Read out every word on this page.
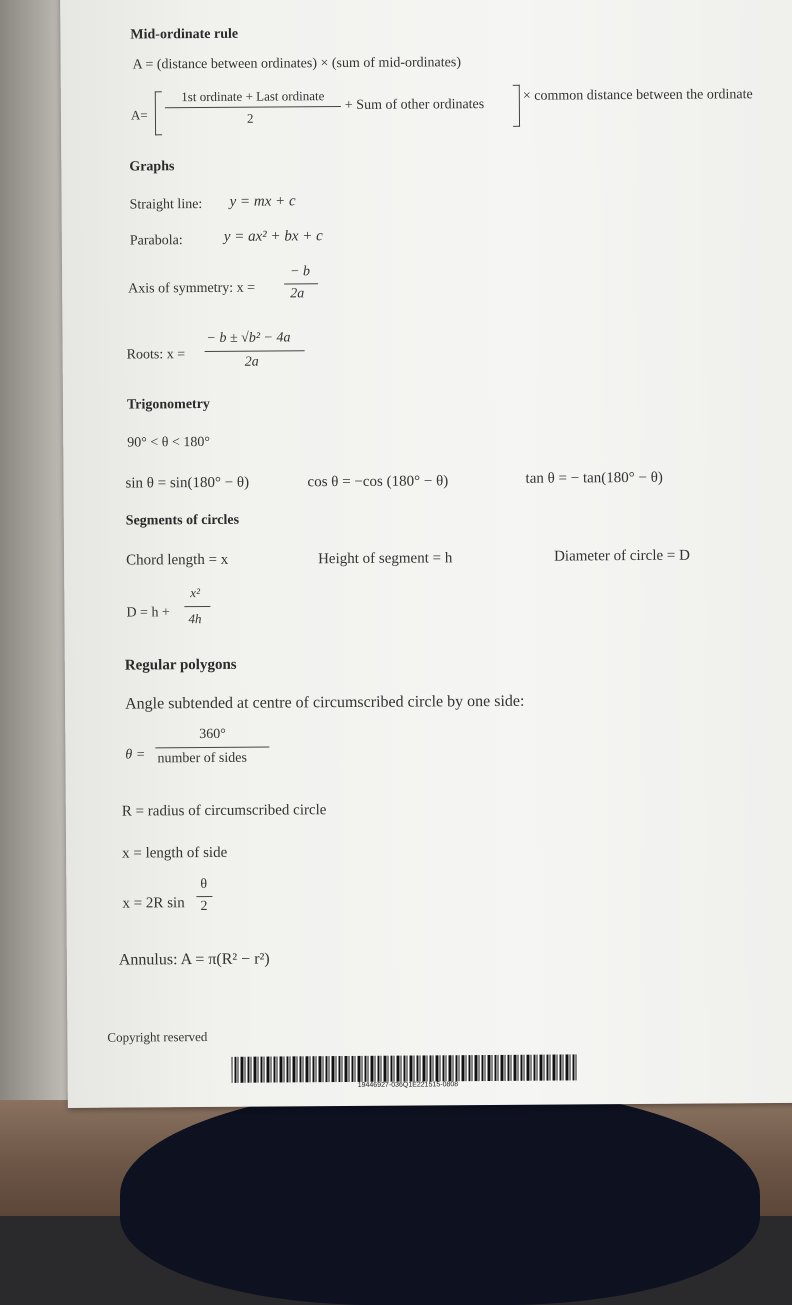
Mid-ordinate rule
A = (distance between ordinates) × (sum of mid-ordinates)
A=
1st ordinate + Last ordinate
2
+ Sum of other ordinates
× common distance between the ordinate
Graphs
Straight line: y = mx + c
Parabola:	y = ax² + bx + c
Axis of symmetry: x =
− b
2a
Roots: x =
− b ± √b² − 4a
2a
Trigonometry
90° < θ < 180°
sin θ = sin(180° − θ)	cos θ = −cos (180° − θ)	tan θ = − tan(180° − θ)
Segments of circles
Chord length = x	Height of segment = h	Diameter of circle = D
D = h +
x²
4h
Regular polygons
Angle subtended at centre of circumscribed circle by one side:
θ =
360°
number of sides
R = radius of circumscribed circle
x = length of side
x = 2R sin
θ
2
Annulus: A = π(R² − r²)
Copyright reserved
19446927-036Q1E221515-0808
